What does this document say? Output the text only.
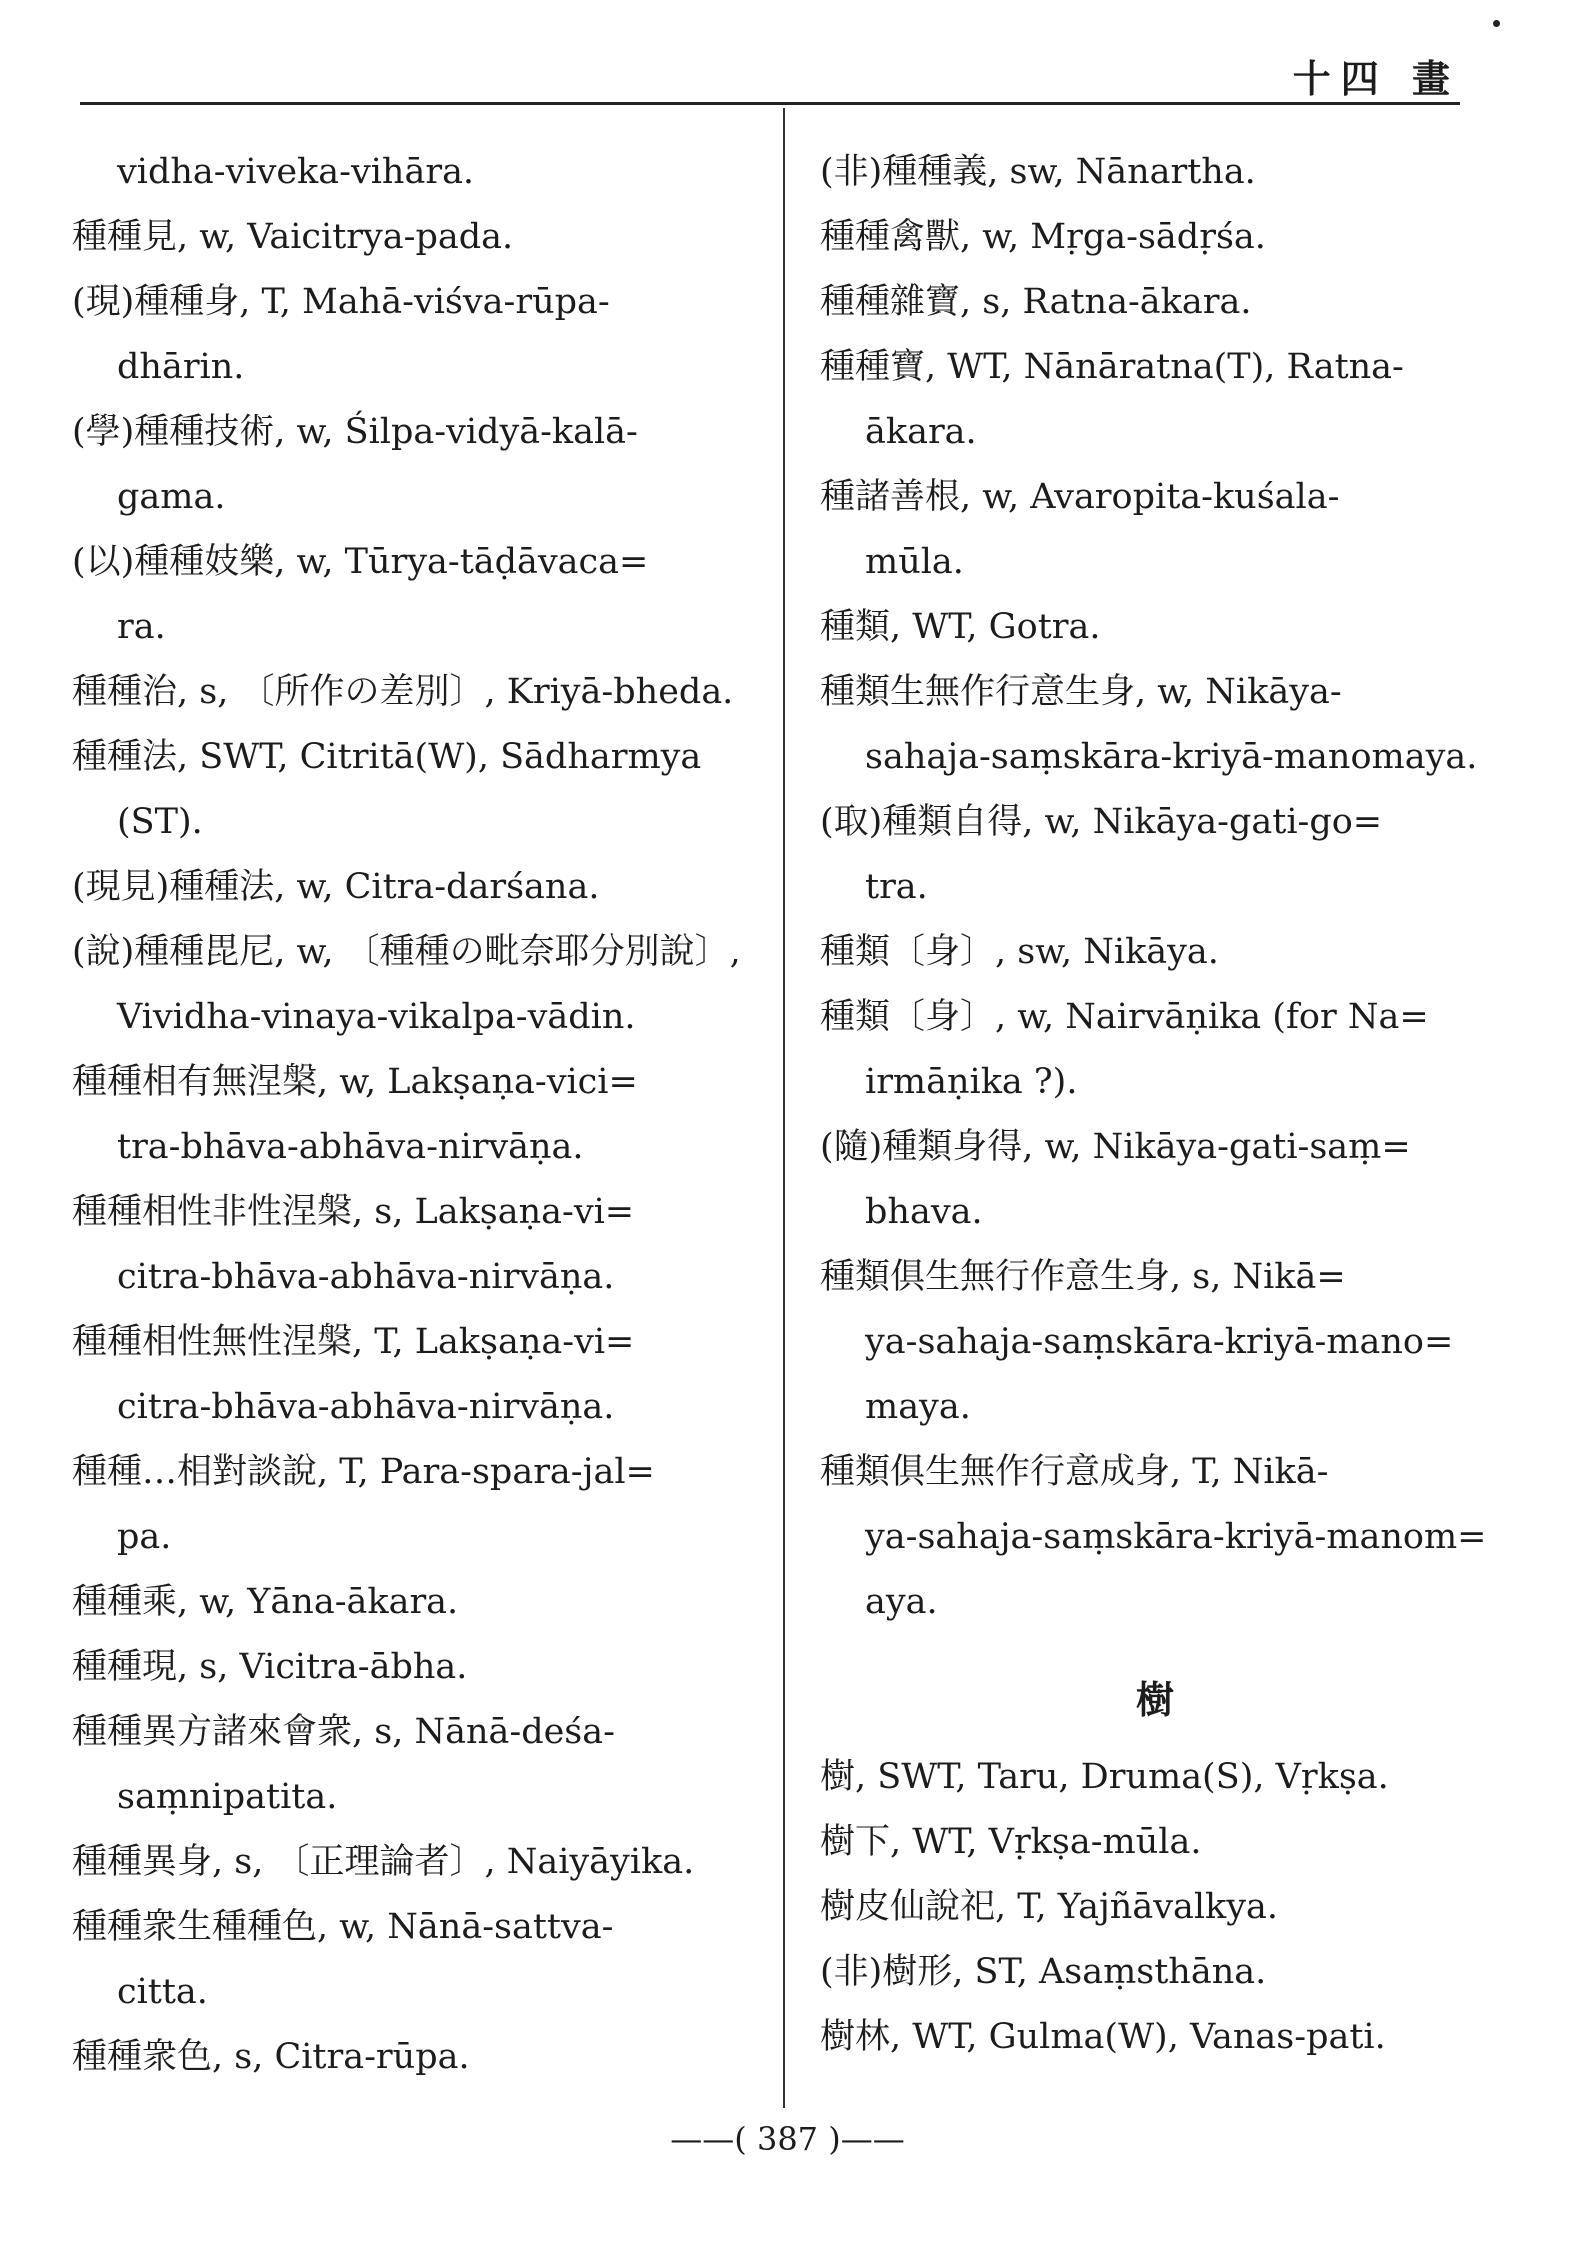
十四 畫
vidha-viveka-vihāra.
種種見, w, Vaicitrya-pada.
(現)種種身, T, Mahā-viśva-rūpa-
dhārin.
(學)種種技術, w, Śilpa-vidyā-kalā-
gama.
(以)種種妓樂, w, Tūrya-tāḍāvaca=
ra.
種種治, s, 〔所作の差別〕, Kriyā-bheda.
種種法, SWT, Citritā(W), Sādharmya
(ST).
(現見)種種法, w, Citra-darśana.
(說)種種毘尼, w, 〔種種の毗奈耶分別說〕,
Vividha-vinaya-vikalpa-vādin.
種種相有無涅槃, w, Lakṣaṇa-vici=
tra-bhāva-abhāva-nirvāṇa.
種種相性非性涅槃, s, Lakṣaṇa-vi=
citra-bhāva-abhāva-nirvāṇa.
種種相性無性涅槃, T, Lakṣaṇa-vi=
citra-bhāva-abhāva-nirvāṇa.
種種…相對談說, T, Para-spara-jal=
pa.
種種乘, w, Yāna-ākara.
種種現, s, Vicitra-ābha.
種種異方諸來會衆, s, Nānā-deśa-
saṃnipatita.
種種異身, s, 〔正理論者〕, Naiyāyika.
種種衆生種種色, w, Nānā-sattva-
citta.
種種衆色, s, Citra-rūpa.
(非)種種義, sw, Nānartha.
種種禽獸, w, Mṛga-sādṛśa.
種種雜寶, s, Ratna-ākara.
種種寶, WT, Nānāratna(T), Ratna-
ākara.
種諸善根, w, Avaropita-kuśala-
mūla.
種類, WT, Gotra.
種類生無作行意生身, w, Nikāya-
sahaja-saṃskāra-kriyā-manomaya.
(取)種類自得, w, Nikāya-gati-go=
tra.
種類〔身〕, sw, Nikāya.
種類〔身〕, w, Nairvāṇika (for Na=
irmāṇika ?).
(隨)種類身得, w, Nikāya-gati-saṃ=
bhava.
種類俱生無行作意生身, s, Nikā=
ya-sahaja-saṃskāra-kriyā-mano=
maya.
種類俱生無作行意成身, T, Nikā-
ya-sahaja-saṃskāra-kriyā-manom=
aya.
樹
樹, SWT, Taru, Druma(S), Vṛkṣa.
樹下, WT, Vṛkṣa-mūla.
樹皮仙說祀, T, Yajñāvalkya.
(非)樹形, ST, Asaṃsthāna.
樹林, WT, Gulma(W), Vanas-pati.
——( 387 )——
